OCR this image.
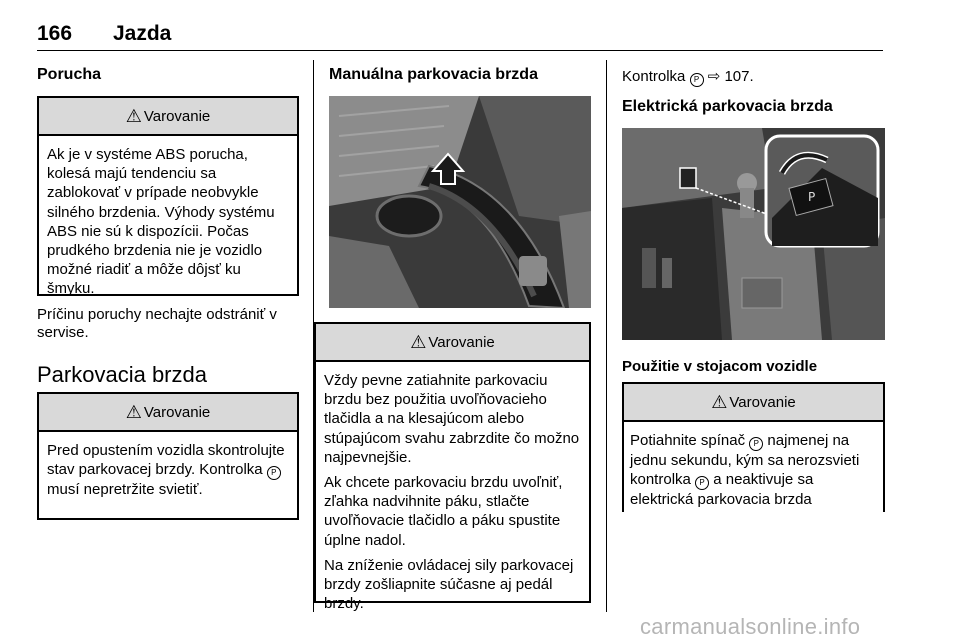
166 Jazda
Porucha
⚠ Varovanie
Ak je v systéme ABS porucha, kolesá majú tendenciu sa zablokovať v prípade neobvykle silného brzdenia. Výhody systému ABS nie sú k dispozícii. Počas prudkého brzdenia nie je vozidlo možné riadiť a môže dôjsť ku šmyku.
Príčinu poruchy nechajte odstrániť v servise.
Parkovacia brzda
⚠ Varovanie
Pred opustením vozidla skontrolujte stav parkovacej brzdy. Kontrolka P musí nepretržite svietiť.
Manuálna parkovacia brzda
⚠ Varovanie

Vždy pevne zatiahnite parkovaciu brzdu bez použitia uvoľňovacieho tlačidla a na klesajúcom alebo stúpajúcom svahu zabrzdite čo možno najpevnejšie.

Ak chcete parkovaciu brzdu uvoľniť, zľahka nadvihnite páku, stlačte uvoľňovacie tlačidlo a páku spustite úplne nadol.

Na zníženie ovládacej sily parkovacej brzdy zošliapnite súčasne aj pedál brzdy.

Kontrolka P ⇨ 107.
Elektrická parkovacia brzda
P
Použitie v stojacom vozidle
⚠ Varovanie
Potiahnite spínač P najmenej na jednu sekundu, kým sa nerozsvieti kontrolka P a neaktivuje sa elektrická parkovacia brzda
carmanualsonline.info
